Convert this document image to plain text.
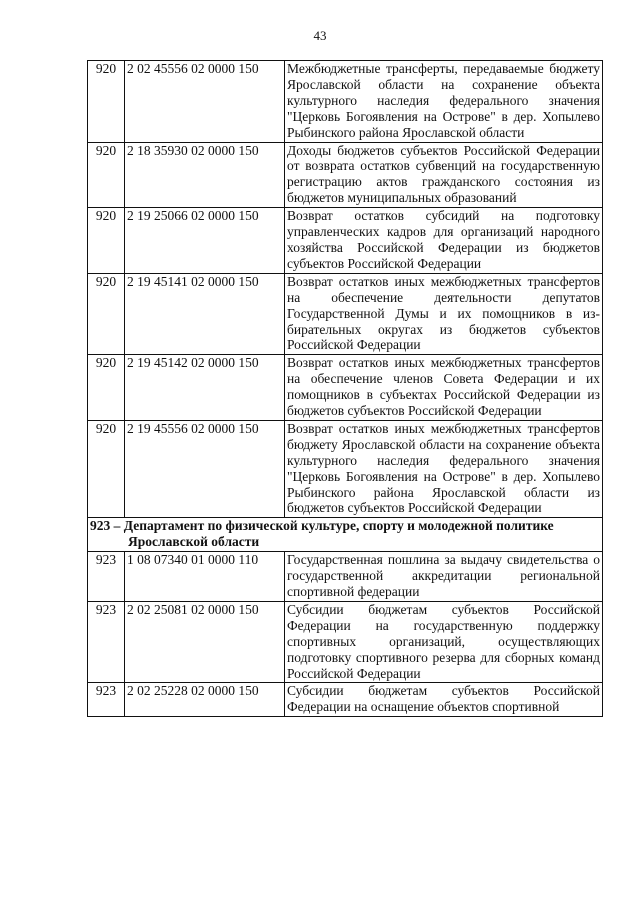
43
920	2 02 45556 02 0000 150	Межбюджетные трансферты, передаваемые бюджету Ярославской области на сохранение объекта культурного наследия федерального значения "Церковь Богоявления на Острове" в дер. Хопылево Рыбинского района Ярославской области
920	2 18 35930 02 0000 150	Доходы бюджетов субъектов Российской Федерации от возврата остатков субвенций на государственную регистрацию актов гражданского состояния из бюджетов муниципальных образований
920	2 19 25066 02 0000 150	Возврат остатков субсидий на подготовку управленческих кадров для организаций народного хозяйства Российской Федерации из бюджетов субъектов Российской Федерации
920	2 19 45141 02 0000 150	Возврат остатков иных межбюджетных трансфертов на обеспечение деятельности депутатов Государственной Думы и их помощников в избирательных округах из бюджетов субъектов Российской Федерации
920	2 19 45142 02 0000 150	Возврат остатков иных межбюджетных трансфертов на обеспечение членов Совета Федерации и их помощников в субъектах Российской Федерации из бюджетов субъектов Российской Федерации
920	2 19 45556 02 0000 150	Возврат остатков иных межбюджетных трансфертов бюджету Ярославской области на сохранение объекта культурного наследия федерального значения "Церковь Богоявления на Острове" в дер. Хопылево Рыбинского района Ярославской области из бюджетов субъектов Российской Федерации
923 – Департамент по физической культуре, спорту и молодежной политике
Ярославской области		

923	1 08 07340 01 0000 110	Государственная пошлина за выдачу свидетельства о государственной аккредитации региональной спортивной федерации
923	2 02 25081 02 0000 150	Субсидии бюджетам субъектов Российской Федерации на государственную поддержку спортивных организаций, осуществляющих подготовку спортивного резерва для сборных команд Российской Федерации
923	2 02 25228 02 0000 150	Субсидии бюджетам субъектов Российской Федерации на оснащение объектов спортивной
